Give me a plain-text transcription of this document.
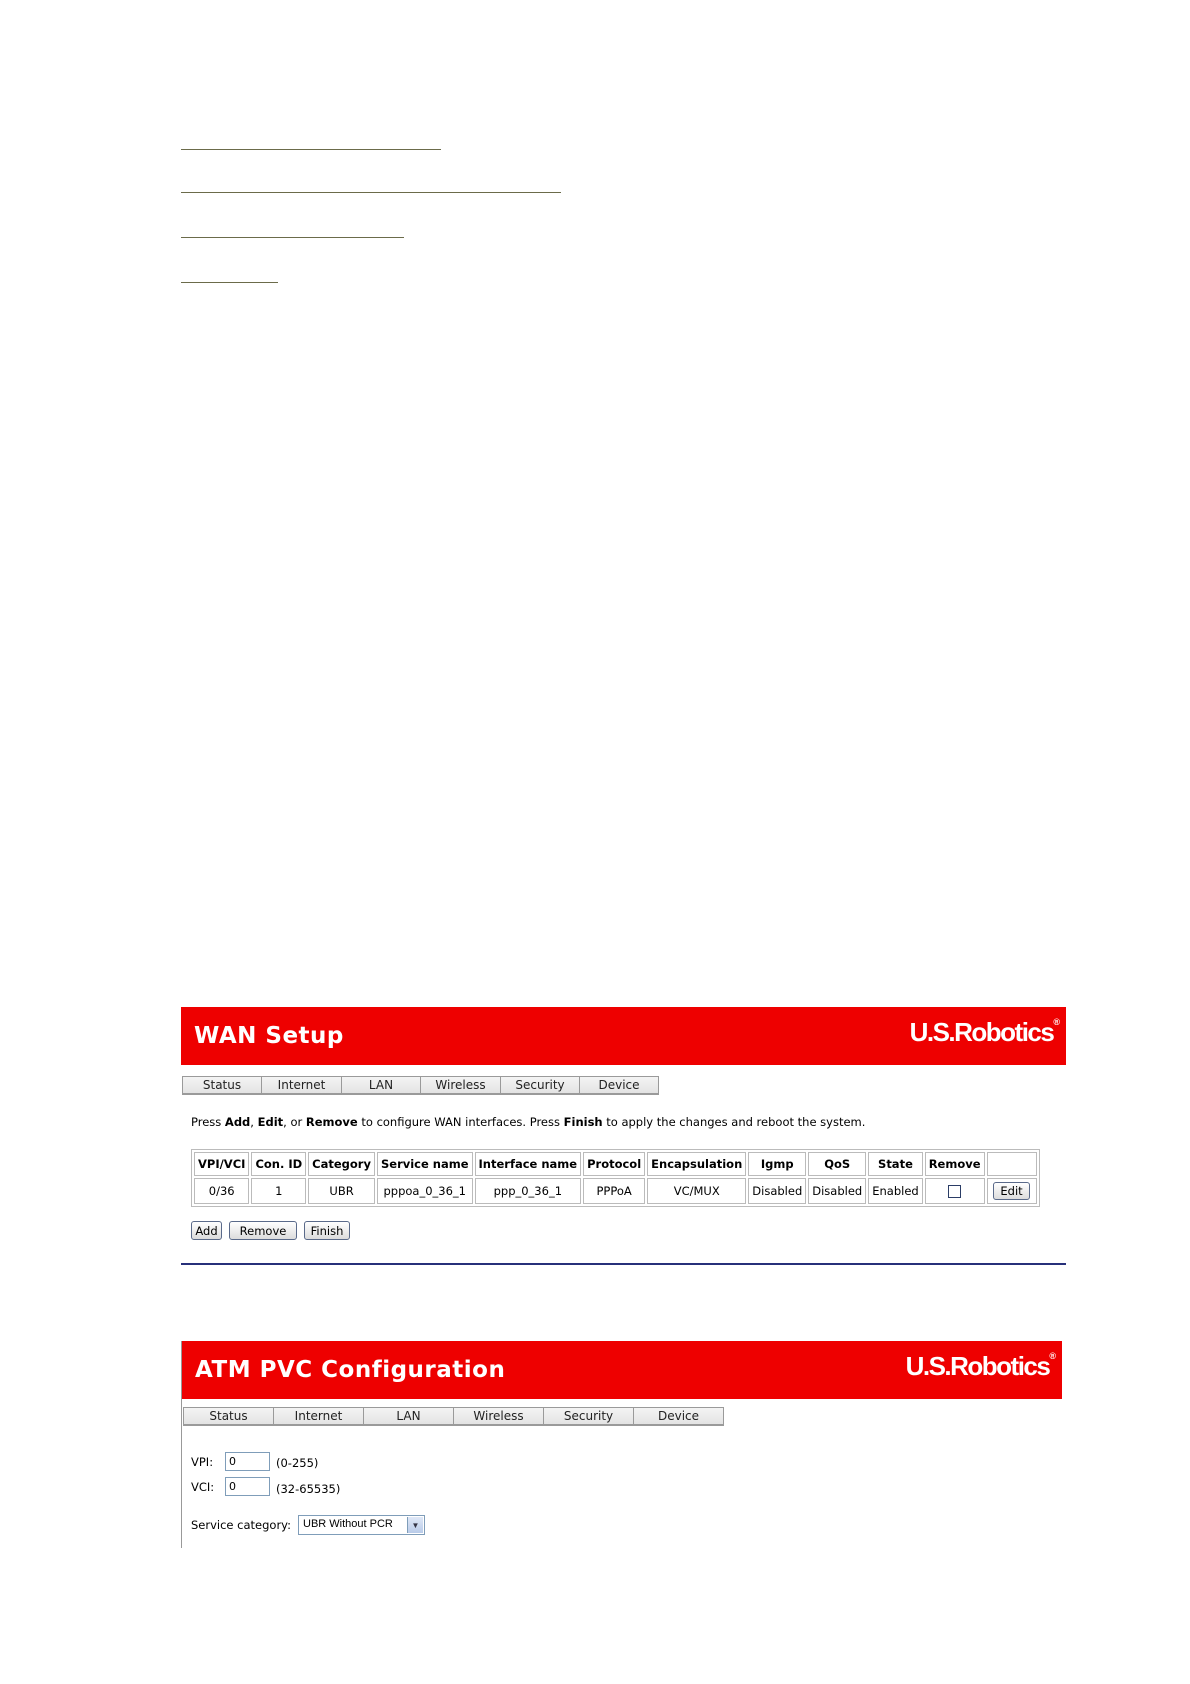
WAN Setup	U.S.Robotics®
Status	Internet	LAN	Wireless	Security	Device
Press Add, Edit, or Remove to configure WAN interfaces. Press Finish to apply the changes and reboot the system.
VPI/VCI	Con. ID	Category	Service name	Interface name	Protocol	Encapsulation	Igmp	QoS	State	Remove	
0/36	1	UBR	pppoa_0_36_1	ppp_0_36_1	PPPoA	VC/MUX	Disabled	Disabled	Enabled		Edit
Add	Remove	Finish
ATM PVC Configuration	U.S.Robotics®
Status	Internet	LAN	Wireless	Security	Device
VPI:	0	(0-255)
VCI:	0	(32-65535)
Service category:	UBR Without PCR	▼
